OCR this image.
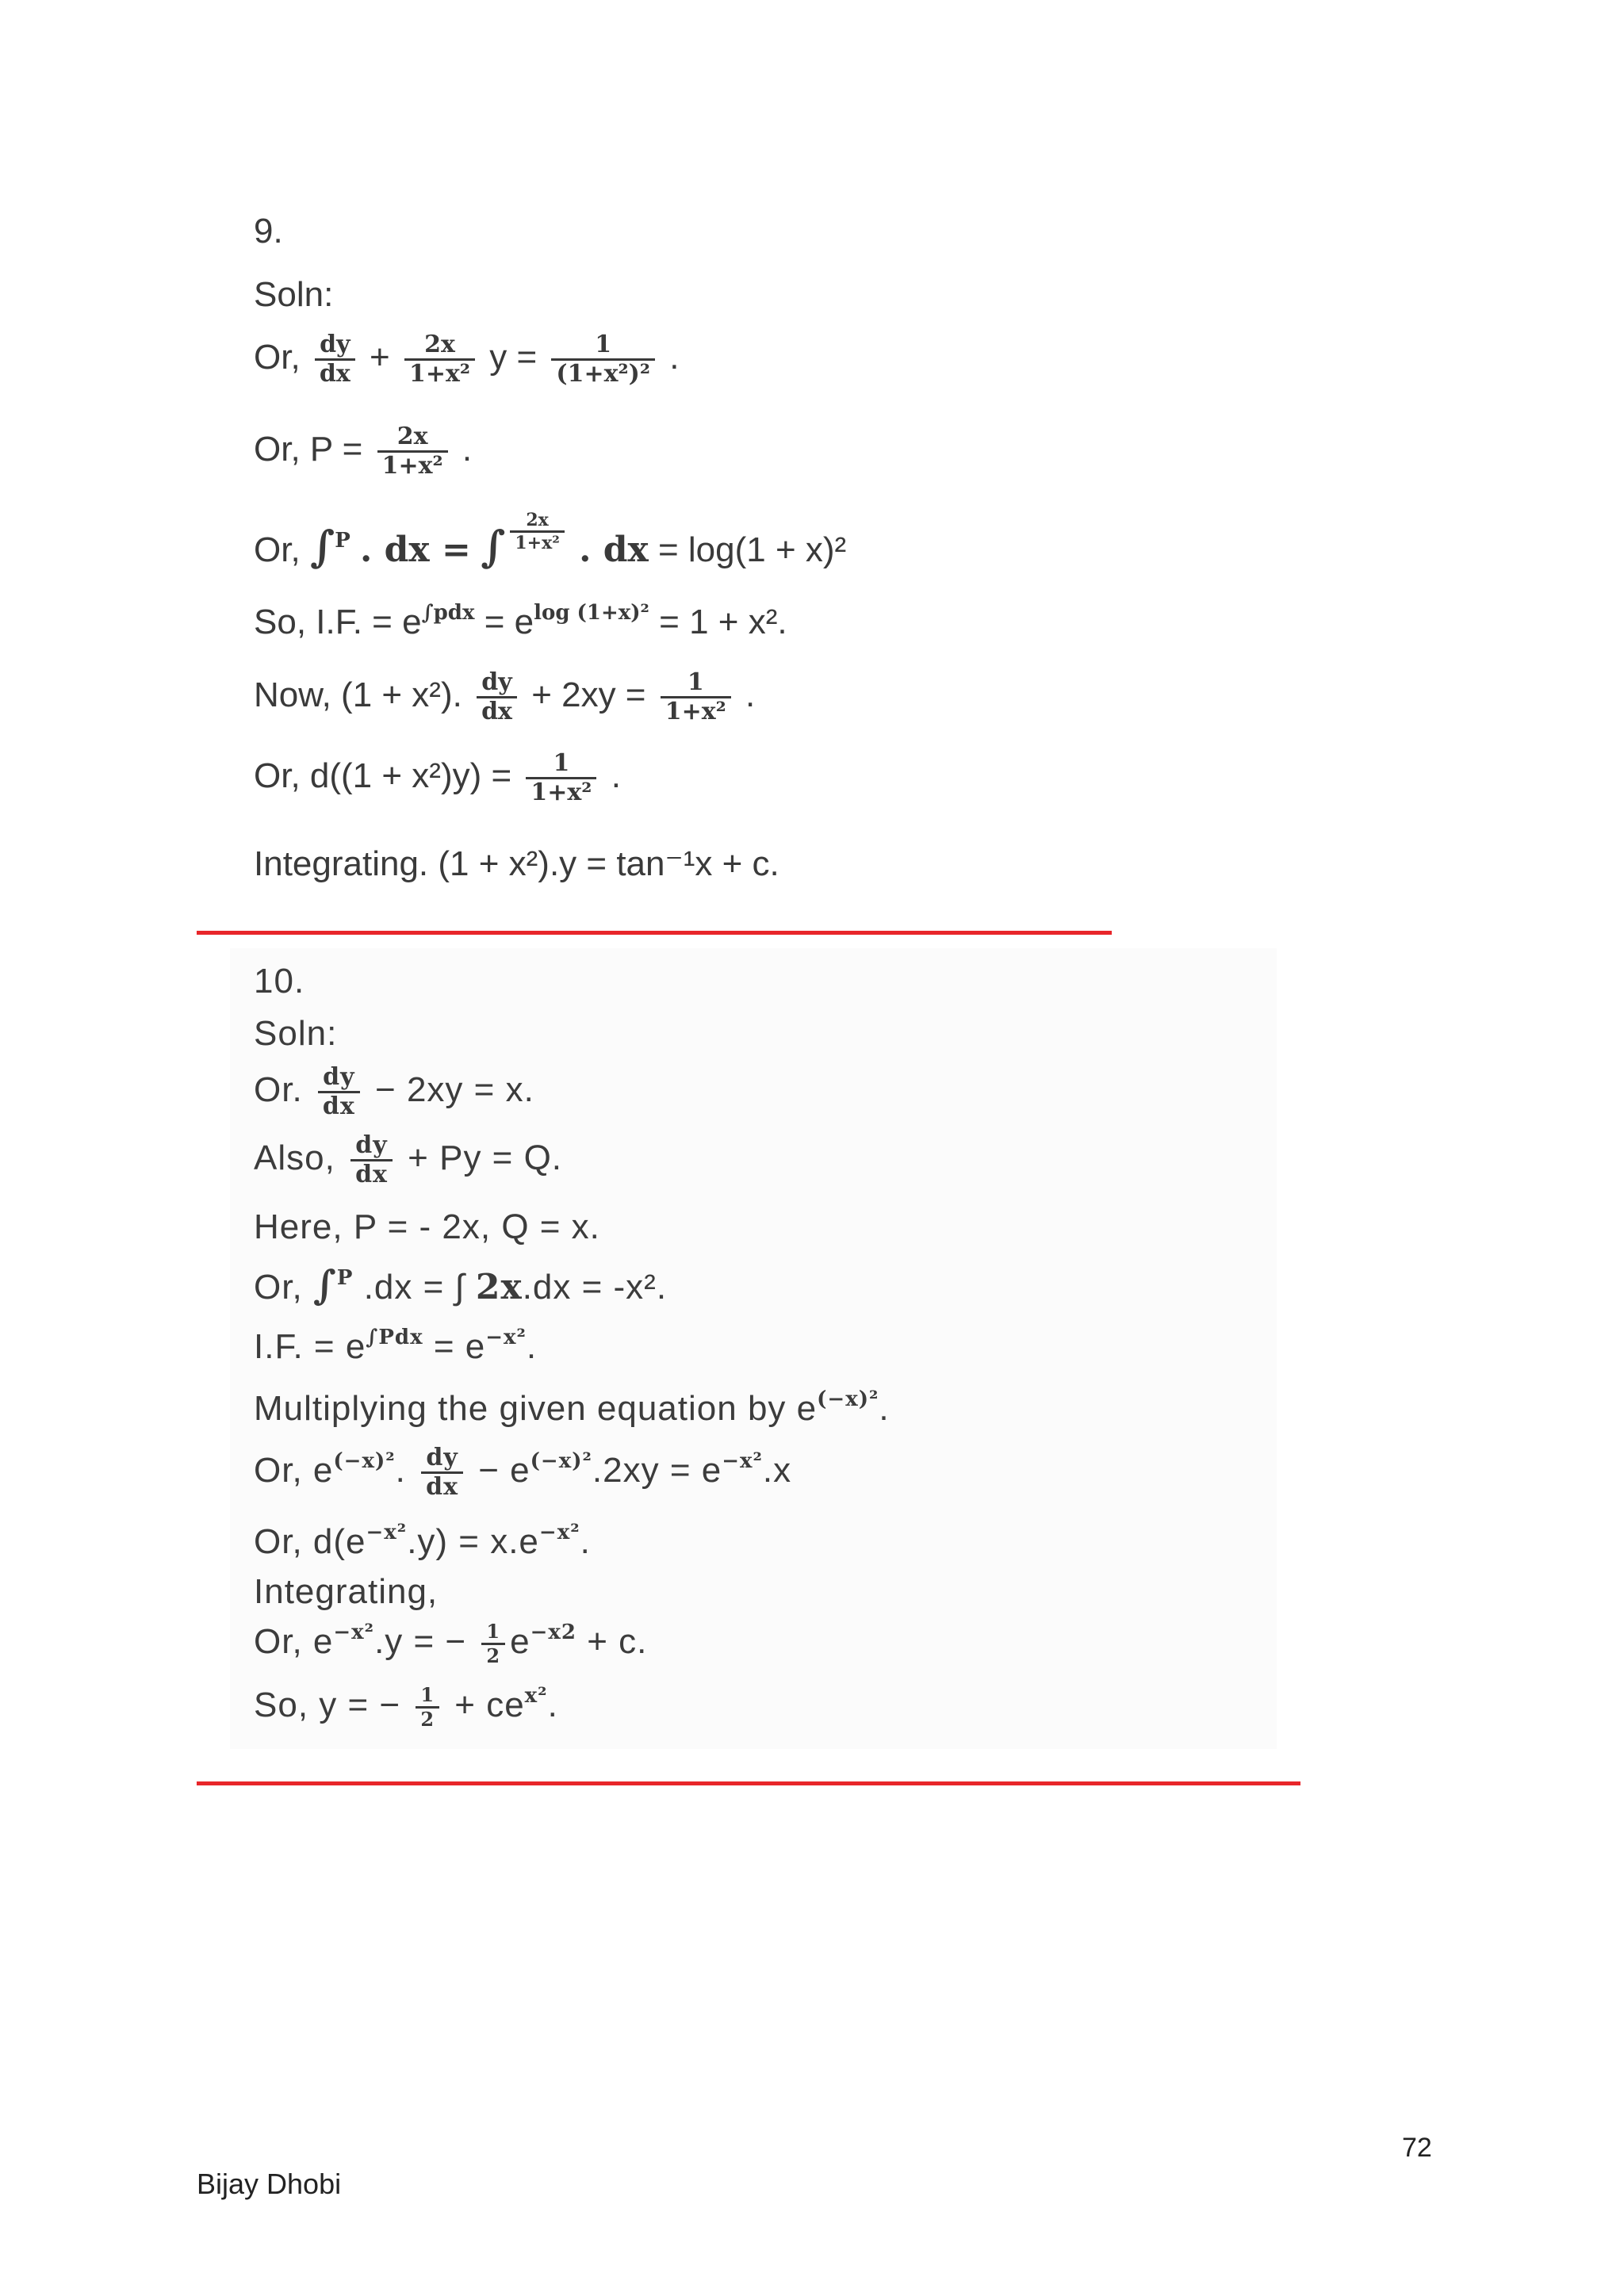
9.
Soln:
Or, $\frac{dy}{dx} + \frac{2x}{\text{1+x²}}$ $y = \frac{1}{\text{(1+x²)²}}$ .
Or, $P = \frac{2x}{\text{1+x²}}$ .
Or, ∫$^P$ . dx = ∫ $\frac{2x}{\text{1+x²}}$ . dx = log(1 + x)²
So, I.F. = $e^{\int pdx} = e^{log (1+x)^2} = 1 + x^2$.
Now, (1 + x²). $\frac{dy}{dx} + 2xy = \frac{1}{\text{1+x²}}$ .
Or, $d((1 + x^2)y) = \frac{1}{\text{1+x²}}$ .
Integrating. (1 + x²).y = tan⁻¹x + c.
10.
Soln:
Or. $\frac{dy}{dx} - 2xy = x$.
Also, $\frac{dy}{dx} + Py = Q$.
Here, P = - 2x, Q = x.
Or, ∫$^P$ .dx = ∫ 2x.dx = -x².
I.F. = $e^{\int Pdx} = e^{-x^2}$.
Multiplying the given equation by $e^{(-x)^2}$.
Or, $e^{(-x)^2}$. $\frac{dy}{dx} - e^{(-x)^2}.2xy = e^{-x^2}.x$
Or, $d(e^{-x^2}.y) = x.e^{-x^2}$.
Integrating,
Or, $e^{-x^2}.y$ = − $\frac{1}{2} e^{-x2} + c$.
So, y = − $\frac{1}{2} + ce^{x^2}$.
72
Bijay Dhobi
